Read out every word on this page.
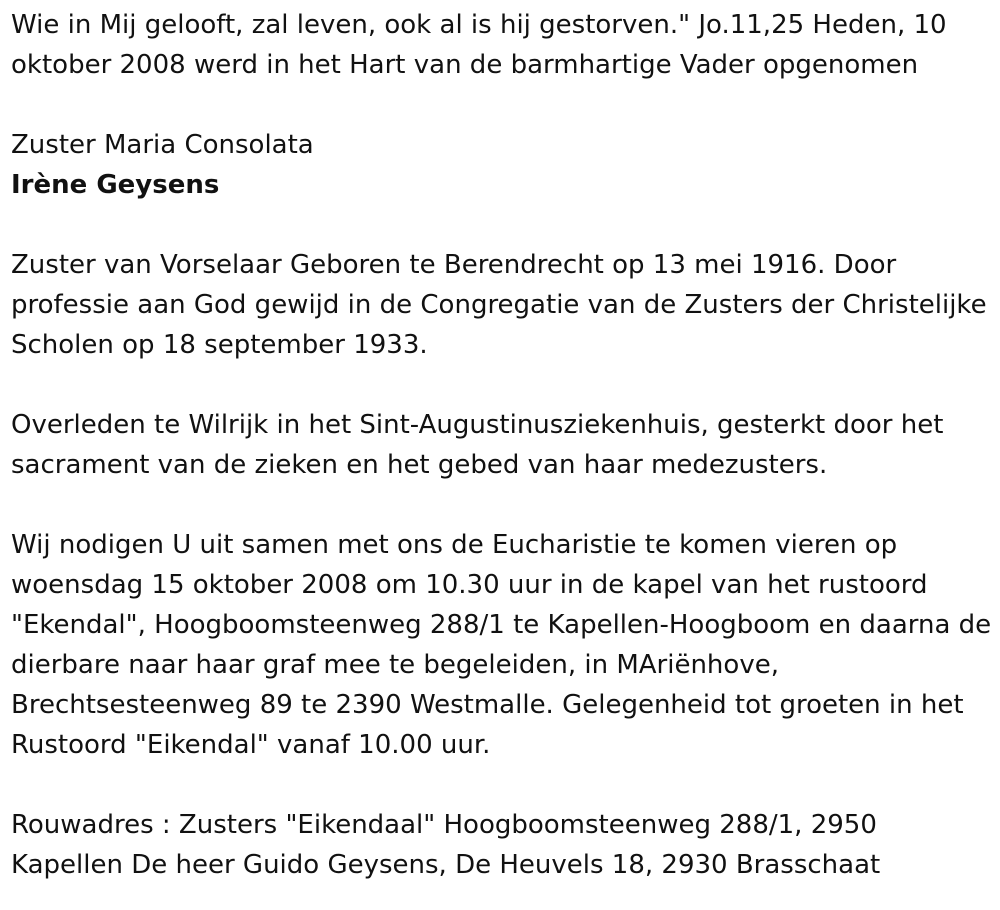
Wie in Mij gelooft, zal leven, ook al is hij gestorven." Jo.11,25 Heden, 10 oktober 2008 werd in het Hart van de barmhartige Vader opgenomen

Zuster Maria Consolata

Irène Geysens

Zuster van Vorselaar Geboren te Berendrecht op 13 mei 1916. Door professie aan God gewijd in de Congregatie van de Zusters der Christelijke Scholen op 18 september 1933.

Overleden te Wilrijk in het Sint-Augustinusziekenhuis, gesterkt door het sacrament van de zieken en het gebed van haar medezusters.

Wij nodigen U uit samen met ons de Eucharistie te komen vieren op woensdag 15 oktober 2008 om 10.30 uur in de kapel van het rustoord "Ekendal", Hoogboomsteenweg 288/1 te Kapellen-Hoogboom en daarna de dierbare naar haar graf mee te begeleiden, in MAriënhove, Brechtsesteenweg 89 te 2390 Westmalle. Gelegenheid tot groeten in het Rustoord "Eikendal" vanaf 10.00 uur.

Rouwadres : Zusters "Eikendaal" Hoogboomsteenweg 288/1, 2950 Kapellen De heer Guido Geysens, De Heuvels 18, 2930 Brasschaat
